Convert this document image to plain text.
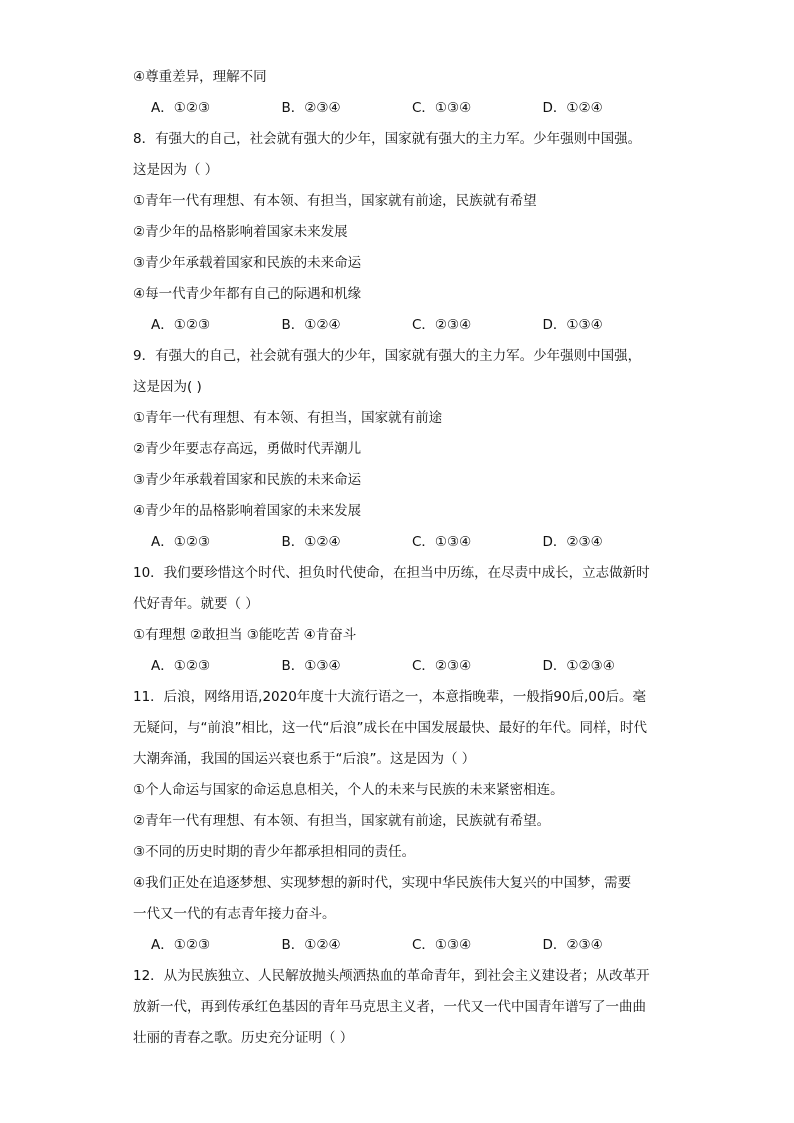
④尊重差异，理解不同
A．①②③	B．②③④	C．①③④	D．①②④
8．有强大的自己，社会就有强大的少年，国家就有强大的主力军。少年强则中国强。
这是因为（ ）
①青年一代有理想、有本领、有担当，国家就有前途，民族就有希望
②青少年的品格影响着国家未来发展
③青少年承载着国家和民族的未来命运
④每一代青少年都有自己的际遇和机缘
A．①②③	B．①②④	C．②③④	D．①③④
9．有强大的自己，社会就有强大的少年，国家就有强大的主力军。少年强则中国强，
这是因为( )
①青年一代有理想、有本领、有担当，国家就有前途
②青少年要志存高远，勇做时代弄潮儿
③青少年承载着国家和民族的未来命运
④青少年的品格影响着国家的未来发展
A．①②③	B．①②④	C．①③④	D．②③④
10．我们要珍惜这个时代、担负时代使命，在担当中历练，在尽责中成长，立志做新时
代好青年。就要（ ）
①有理想 ②敢担当 ③能吃苦 ④肯奋斗
A．①②③	B．①③④	C．②③④	D．①②③④
11．后浪，网络用语,2020年度十大流行语之一，本意指晚辈，一般指90后,00后。毫
无疑问，与“前浪”相比，这一代“后浪”成长在中国发展最快、最好的年代。同样，时代
大潮奔涌，我国的国运兴衰也系于“后浪”。这是因为（ ）
①个人命运与国家的命运息息相关，个人的未来与民族的未来紧密相连。
②青年一代有理想、有本领、有担当，国家就有前途，民族就有希望。
③不同的历史时期的青少年都承担相同的责任。
④我们正处在追逐梦想、实现梦想的新时代，实现中华民族伟大复兴的中国梦，需要
一代又一代的有志青年接力奋斗。
A．①②③	B．①②④	C．①③④	D．②③④
12．从为民族独立、人民解放抛头颅洒热血的革命青年，到社会主义建设者；从改革开
放新一代，再到传承红色基因的青年马克思主义者，一代又一代中国青年谱写了一曲曲
壮丽的青春之歌。历史充分证明（ ）
